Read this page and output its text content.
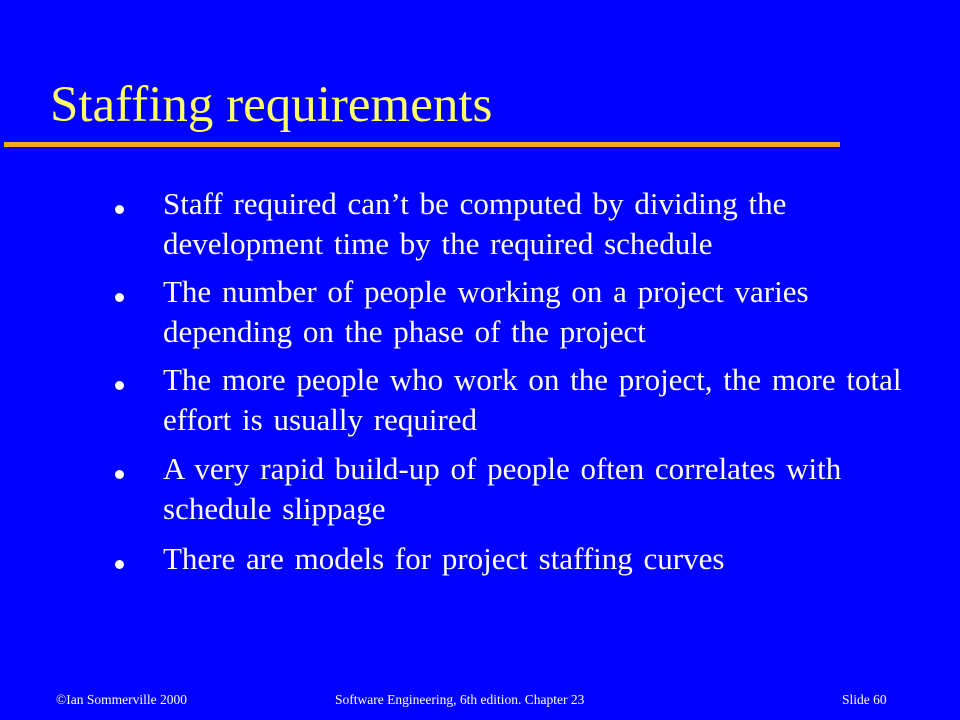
Staffing requirements
Staff required can’t be computed by dividing the development time by the required schedule
The number of people working on a project varies depending on the phase of the project
The more people who work on the project, the more total effort is usually required
A very rapid build-up of people often correlates with schedule slippage
There are models for project staffing curves
©Ian Sommerville 2000	Software Engineering, 6th edition. Chapter 23	Slide 60
